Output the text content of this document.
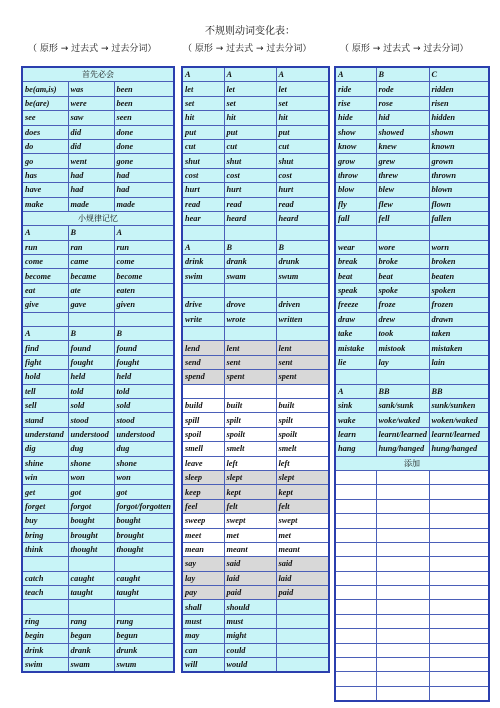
不规则动词变化表：
（ 原形 → 过去式 → 过去分词）	（ 原形 → 过去式 → 过去分词）	（ 原形 → 过去式 → 过去分词）
首先必会		
be(am,is)	was	been
be(are)	were	been
see	saw	seen
does	did	done
do	did	done
go	went	gone
has	had	had
have	had	had
make	made	made
小规律记忆		
A	B	A
run	ran	run
come	came	come
become	became	become
eat	ate	eaten
give	gave	given

A	B	B
find	found	found
fight	fought	fought
hold	held	held
tell	told	told
sell	sold	sold
stand	stood	stood
understand	understood	understood
dig	dug	dug
shine	shone	shone
win	won	won
get	got	got
forget	forgot	forgot/forgotten
buy	bought	bought
bring	brought	brought
think	thought	thought

catch	caught	caught
teach	taught	taught

ring	rang	rung
begin	began	begun
drink	drank	drunk
swim	swam	swum
A	A	A
let	let	let
set	set	set
hit	hit	hit
put	put	put
cut	cut	cut
shut	shut	shut
cost	cost	cost
hurt	hurt	hurt
read	read	read
hear	heard	heard

A	B	B
drink	drank	drunk
swim	swam	swum

drive	drove	driven
write	wrote	written

lend	lent	lent
send	sent	sent
spend	spent	spent

build	built	built
spill	spilt	spilt
spoil	spoilt	spoilt
smell	smelt	smelt
leave	left	left
sleep	slept	slept
keep	kept	kept
feel	felt	felt
sweep	swept	swept
meet	met	met
mean	meant	meant
say	said	said
lay	laid	laid
pay	paid	paid
shall	should	
must	must	
may	might	
can	could	
will	would	
A	B	C
ride	rode	ridden
rise	rose	risen
hide	hid	hidden
show	showed	shown
know	knew	known
grow	grew	grown
throw	threw	thrown
blow	blew	blown
fly	flew	flown
fall	fell	fallen

wear	wore	worn
break	broke	broken
beat	beat	beaten
speak	spoke	spoken
freeze	froze	frozen
draw	drew	drawn
take	took	taken
mistake	mistook	mistaken
lie	lay	lain

A	BB	BB
sink	sank/sunk	sunk/sunken
wake	woke/waked	woken/waked
learn	learnt/learned	learnt/learned
hang	hung/hanged	hung/hanged
添加		
